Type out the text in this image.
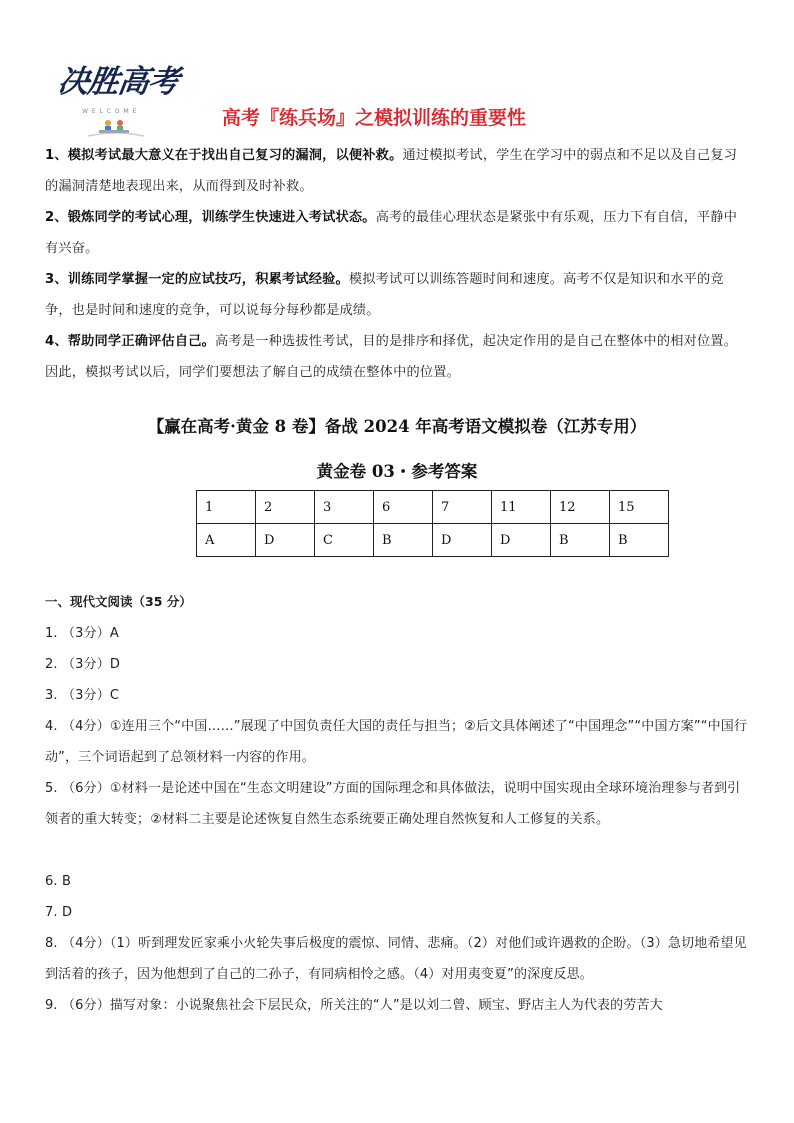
决胜高考
W E L C O M E	高考『练兵场』之模拟训练的重要性
1、模拟考试最大意义在于找出自己复习的漏洞，以便补救。通过模拟考试，学生在学习中的弱点和不足以及自己复习的漏洞清楚地表现出来，从而得到及时补救。
2、锻炼同学的考试心理，训练学生快速进入考试状态。高考的最佳心理状态是紧张中有乐观，压力下有自信，平静中有兴奋。
3、训练同学掌握一定的应试技巧，积累考试经验。模拟考试可以训练答题时间和速度。高考不仅是知识和水平的竞争，也是时间和速度的竞争，可以说每分每秒都是成绩。
4、帮助同学正确评估自己。高考是一种选拔性考试，目的是排序和择优，起决定作用的是自己在整体中的相对位置。因此，模拟考试以后，同学们要想法了解自己的成绩在整体中的位置。
【赢在高考·黄金 8 卷】备战 2024 年高考语文模拟卷（江苏专用）
黄金卷 03・参考答案
1	2	3	6	7	11	12	15
A	D	C	B	D	D	B	B
一、现代文阅读（35 分）
1. （3分）A
2. （3分）D
3. （3分）C
4. （4分）①连用三个“中国……”展现了中国负责任大国的责任与担当；②后文具体阐述了“中国理念”“中国方案”“中国行动”，三个词语起到了总领材料一内容的作用。
5. （6分）①材料一是论述中国在“生态文明建设”方面的国际理念和具体做法，说明中国实现由全球环境治理参与者到引领者的重大转变；②材料二主要是论述恢复自然生态系统要正确处理自然恢复和人工修复的关系。
6. B
7. D
8. （4分）（1）听到理发匠家乘小火轮失事后极度的震惊、同情、悲痛。（2）对他们或许遇救的企盼。（3）急切地希望见到活着的孩子，因为他想到了自己的二孙子，有同病相怜之感。（4）对用夷变夏”的深度反思。
9. （6分）描写对象：小说聚焦社会下层民众，所关注的“人”是以刘二曾、顾宝、野店主人为代表的劳苦大
